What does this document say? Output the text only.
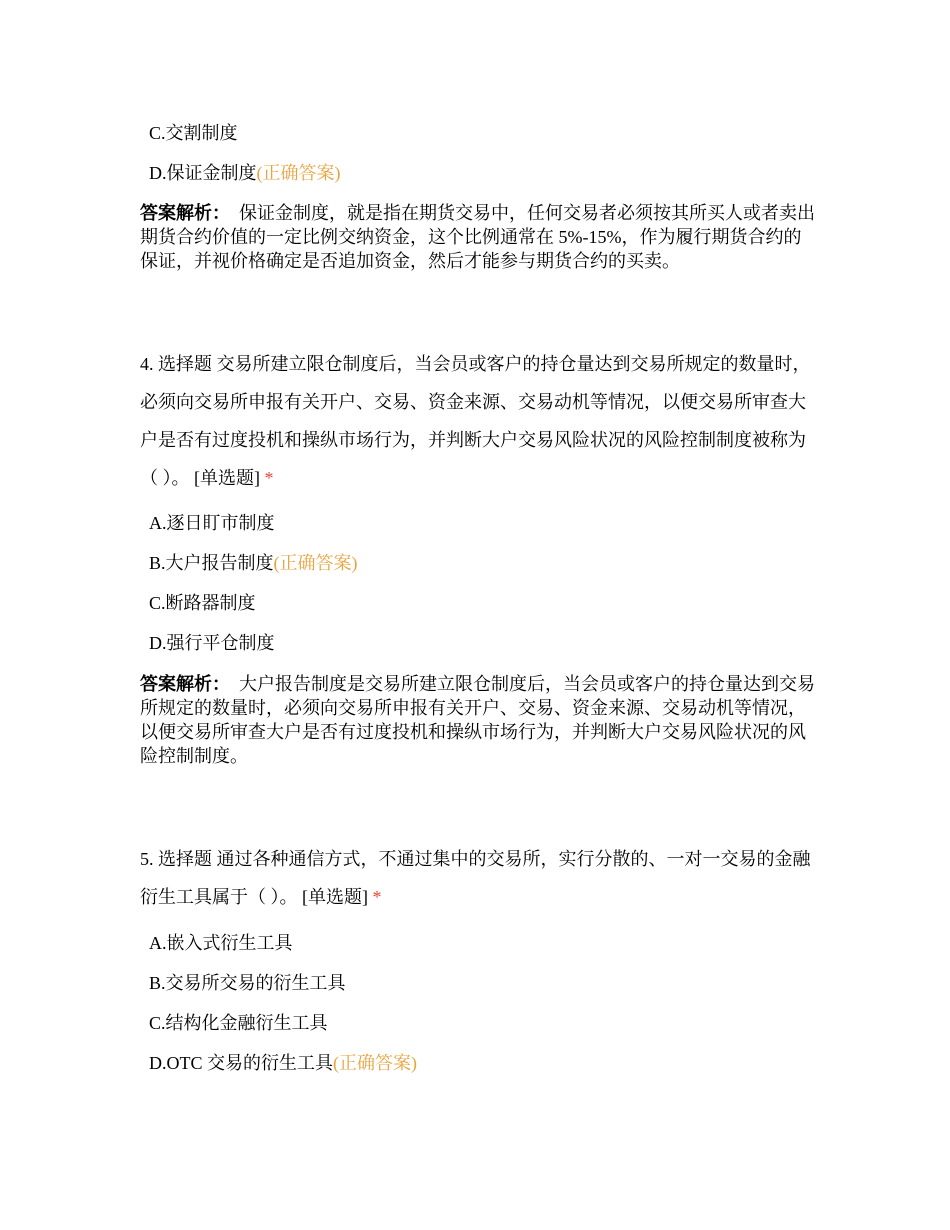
C.交割制度
D.保证金制度(正确答案)
答案解析： 保证金制度，就是指在期货交易中，任何交易者必须按其所买人或者卖出期货合约价值的一定比例交纳资金，这个比例通常在 5%-15%，作为履行期货合约的保证，并视价格确定是否追加资金，然后才能参与期货合约的买卖。
4. 选择题 交易所建立限仓制度后，当会员或客户的持仓量达到交易所规定的数量时，必须向交易所申报有关开户、交易、资金来源、交易动机等情况，以便交易所审查大户是否有过度投机和操纵市场行为，并判断大户交易风险状况的风险控制制度被称为（ ）。 [单选题] *
A.逐日盯市制度
B.大户报告制度(正确答案)
C.断路器制度
D.强行平仓制度
答案解析： 大户报告制度是交易所建立限仓制度后，当会员或客户的持仓量达到交易所规定的数量时，必须向交易所申报有关开户、交易、资金来源、交易动机等情况，以便交易所审查大户是否有过度投机和操纵市场行为，并判断大户交易风险状况的风险控制制度。
5. 选择题 通过各种通信方式，不通过集中的交易所，实行分散的、一对一交易的金融衍生工具属于（ ）。 [单选题] *
A.嵌入式衍生工具
B.交易所交易的衍生工具
C.结构化金融衍生工具
D.OTC 交易的衍生工具(正确答案)
